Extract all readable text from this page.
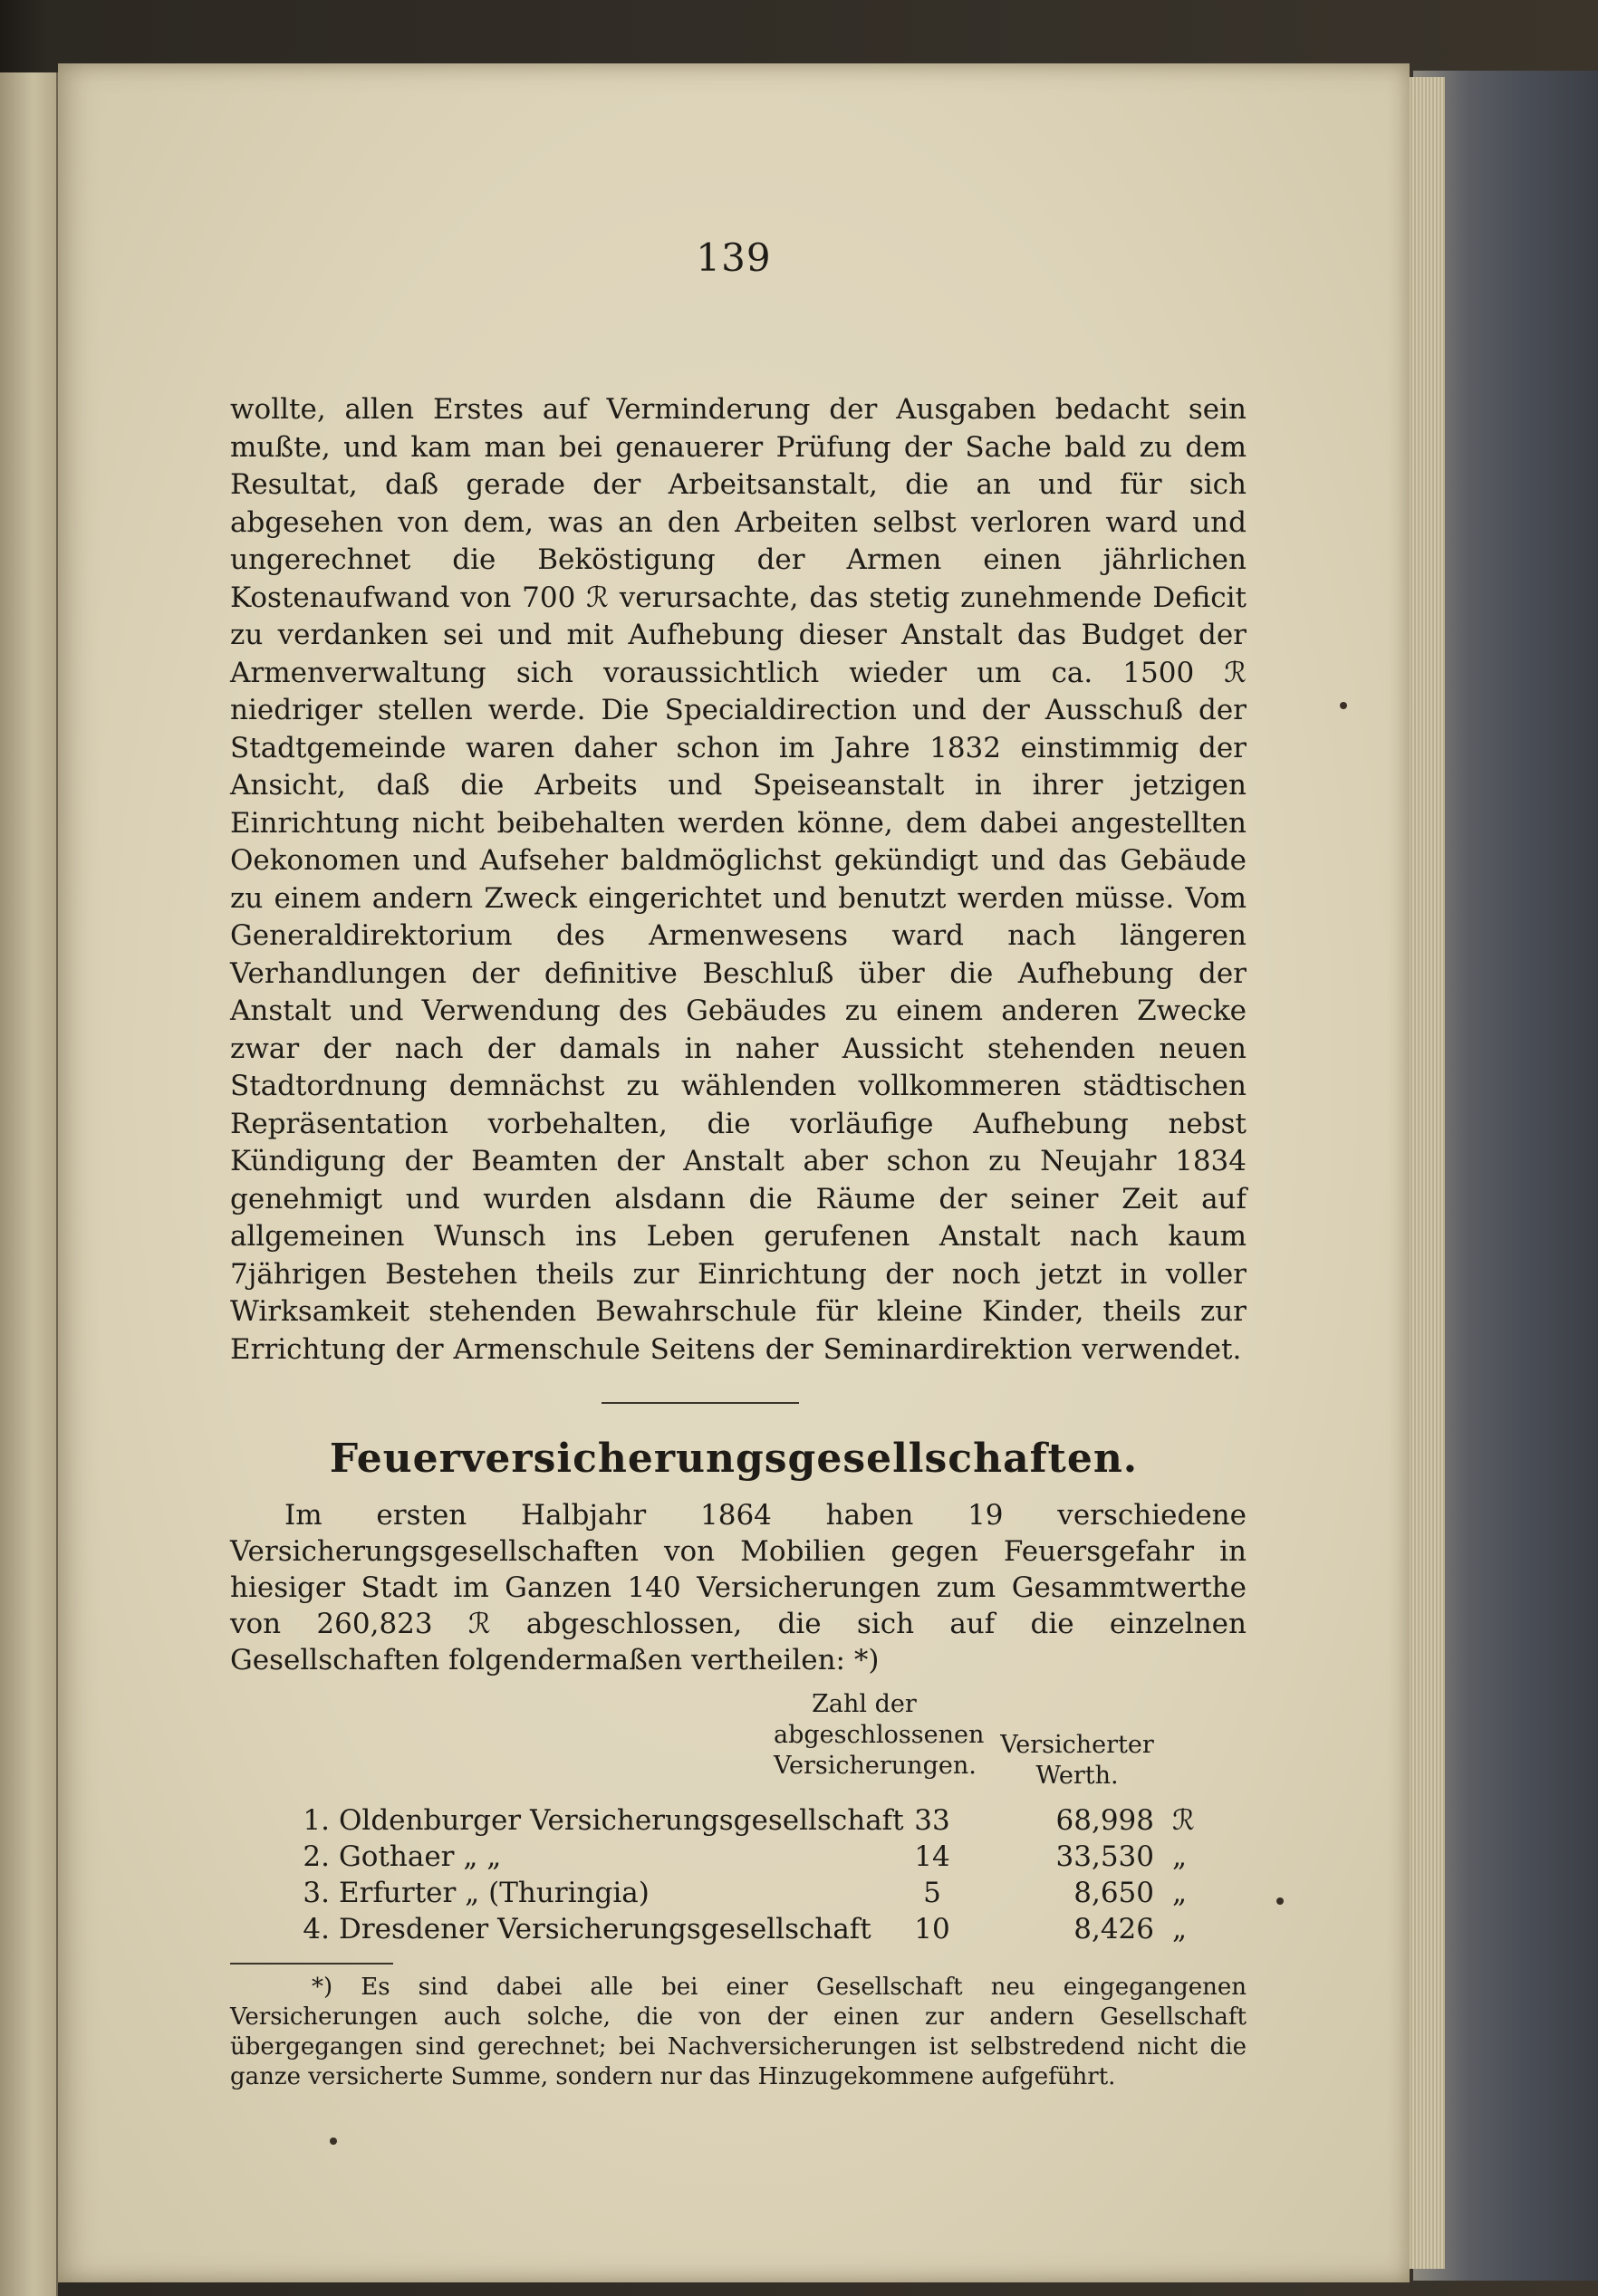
139
wollte, allen Erstes auf Verminderung der Ausgaben bedacht sein mußte, und kam man bei genauerer Prüfung der Sache bald zu dem Resultat, daß gerade der Arbeitsanstalt, die an und für sich abgesehen von dem, was an den Arbeiten selbst verloren ward und ungerechnet die Beköstigung der Armen einen jährlichen Kostenaufwand von 700 ℛ verursachte, das stetig zunehmende Deficit zu verdanken sei und mit Aufhebung dieser Anstalt das Budget der Armenverwaltung sich voraussichtlich wieder um ca. 1500 ℛ niedriger stellen werde. Die Specialdirection und der Ausschuß der Stadtgemeinde waren daher schon im Jahre 1832 einstimmig der Ansicht, daß die Arbeits und Speiseanstalt in ihrer jetzigen Einrichtung nicht beibehalten werden könne, dem dabei angestellten Oekonomen und Aufseher baldmöglichst gekündigt und das Gebäude zu einem andern Zweck eingerichtet und benutzt werden müsse. Vom Generaldirektorium des Armenwesens ward nach längeren Verhandlungen der definitive Beschluß über die Aufhebung der Anstalt und Verwendung des Gebäudes zu einem anderen Zwecke zwar der nach der damals in naher Aussicht stehenden neuen Stadtordnung demnächst zu wählenden vollkommeren städtischen Repräsentation vorbehalten, die vorläufige Aufhebung nebst Kündigung der Beamten der Anstalt aber schon zu Neujahr 1834 genehmigt und wurden alsdann die Räume der seiner Zeit auf allgemeinen Wunsch ins Leben gerufenen Anstalt nach kaum 7jährigen Bestehen theils zur Einrichtung der noch jetzt in voller Wirksamkeit stehenden Bewahrschule für kleine Kinder, theils zur Errichtung der Armenschule Seitens der Seminardirektion verwendet.
Feuerversicherungsgesellschaften.
Im ersten Halbjahr 1864 haben 19 verschiedene Versicherungsgesellschaften von Mobilien gegen Feuersgefahr in hiesiger Stadt im Ganzen 140 Versicherungen zum Gesammtwerthe von 260,823 ℛ abgeschlossen, die sich auf die einzelnen Gesellschaften folgendermaßen vertheilen: *)
Zahl der abgeschlossenen Versicherungen.
Versicherter Werth.
1. Oldenburger Versicherungsgesellschaft 33	68,998 ℛ
2. Gothaer „ „	14	33,530 „
3. Erfurter „ (Thuringia)	5	8,650 „
4. Dresdener Versicherungsgesellschaft	10	8,426 „
*) Es sind dabei alle bei einer Gesellschaft neu eingegangenen Versicherungen auch solche, die von der einen zur andern Gesellschaft übergegangen sind gerechnet; bei Nachversicherungen ist selbstredend nicht die ganze versicherte Summe, sondern nur das Hinzugekommene aufgeführt.
